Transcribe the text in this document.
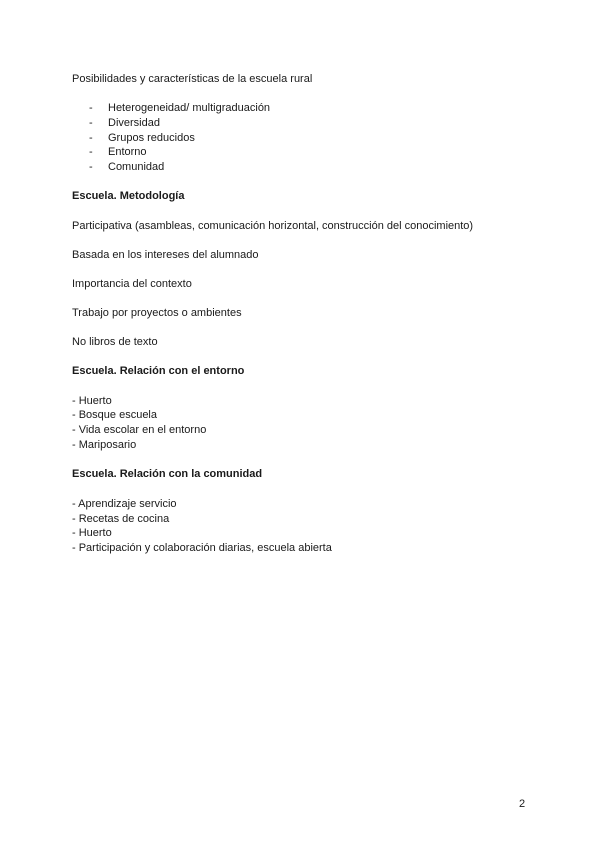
Posibilidades y características de la escuela rural
- Heterogeneidad/ multigraduación
- Diversidad
- Grupos reducidos
- Entorno
- Comunidad
Escuela. Metodología
Participativa (asambleas, comunicación horizontal, construcción del conocimiento)
Basada en los intereses del alumnado
Importancia del contexto
Trabajo por proyectos o ambientes
No libros de texto
Escuela. Relación con el entorno
- Huerto
- Bosque escuela
- Vida escolar en el entorno
- Mariposario
Escuela. Relación con la comunidad
- Aprendizaje servicio
- Recetas de cocina
- Huerto
- Participación y colaboración diarias, escuela abierta
2
